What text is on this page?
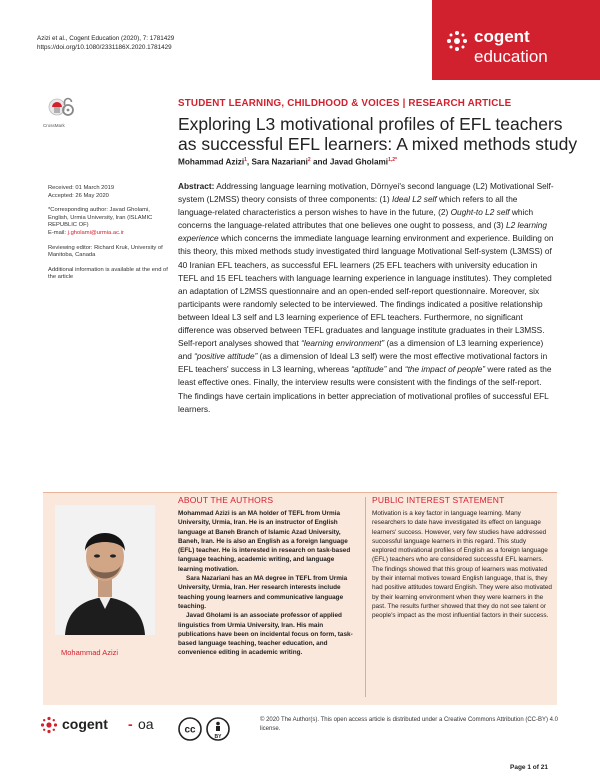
Azizi et al., Cogent Education (2020), 7: 1781429
https://doi.org/10.1080/2331186X.2020.1781429
cogent
education
CrossMark
STUDENT LEARNING, CHILDHOOD & VOICES | RESEARCH ARTICLE
Exploring L3 motivational profiles of EFL teachers as successful EFL learners: A mixed methods study
Mohammad Azizi$^1$, Sara Nazariani$^2$ and Javad Gholami$^{1,2*}$

Received: 01 March 2019
Accepted: 26 May 2020

*Corresponding author: Javad Gholami, English, Urmia University, Iran (ISLAMIC REPUBLIC OF)
E-mail: j.gholami@urmia.ac.ir

Reviewing editor: Richard Kruk, University of Manitoba, Canada

Additional information is available at the end of the article

Abstract: Addressing language learning motivation, Dörnyei's second language (L2) Motivational Self-system (L2MSS) theory consists of three components: (1) Ideal L2 self which refers to all the language-related characteristics a person wishes to have in the future, (2) Ought-to L2 self which concerns the language-related attributes that one believes one ought to possess, and (3) L2 learning experience which concerns the immediate language learning environment and experience. Building on this theory, this mixed methods study investigated third language Motivational Self-system (L3MSS) of 40 Iranian EFL teachers, as successful EFL learners (25 EFL teachers with university education in TEFL and 15 EFL teachers with language learning experience in language institutes). They completed an adaptation of L2MSS questionnaire and an open-ended self-report questionnaire. Moreover, six participants were randomly selected to be interviewed. The findings indicated a positive relationship between Ideal L3 self and L3 learning experience of EFL teachers. Furthermore, no significant difference was observed between TEFL graduates and language institute graduates in their L3MSS. Self-report analyses showed that “learning environment” (as a dimension of L3 learning experience) and “positive attitude” (as a dimension of Ideal L3 self) were the most effective motivational factors in EFL teachers' success in L3 learning, whereas “aptitude” and “the impact of people” were rated as the least effective ones. Finally, the interview results were consistent with the findings of the self-report. The findings have certain implications in better appreciation of motivational profiles of successful EFL learners.
Mohammad Azizi
ABOUT THE AUTHORS

Mohammad Azizi is an MA holder of TEFL from Urmia University, Urmia, Iran. He is an instructor of English language at Baneh Branch of Islamic Azad University, Baneh, Iran. He is also an English as a foreign language (EFL) teacher. He is interested in research on task-based language teaching, academic writing, and language learning motivation.

Sara Nazariani has an MA degree in TEFL from Urmia University, Urmia, Iran. Her research interests include teaching young learners and communicative language teaching.

Javad Gholami is an associate professor of applied linguistics from Urmia University, Iran. His main publications have been on incidental focus on form, task-based language teaching, teacher education, and convenience editing in academic writing.

PUBLIC INTEREST STATEMENT
Motivation is a key factor in language learning. Many researchers to date have investigated its effect on language learners' success. However, very few studies have addressed successful language learners in this regard. This study explored motivational profiles of English as a foreign language (EFL) teachers who are considered successful EFL learners. The findings showed that this group of learners was motivated by their internal motives toward English language, that is, they had positive attitudes toward English. They were also motivated by their learning environment when they were learners in the past. The results further showed that they do not see talent or people's impact as the most influential factors in their success.
cogent - oa	cc
BY
© 2020 The Author(s). This open access article is distributed under a Creative Commons Attribution (CC-BY) 4.0 license.
Page 1 of 21
